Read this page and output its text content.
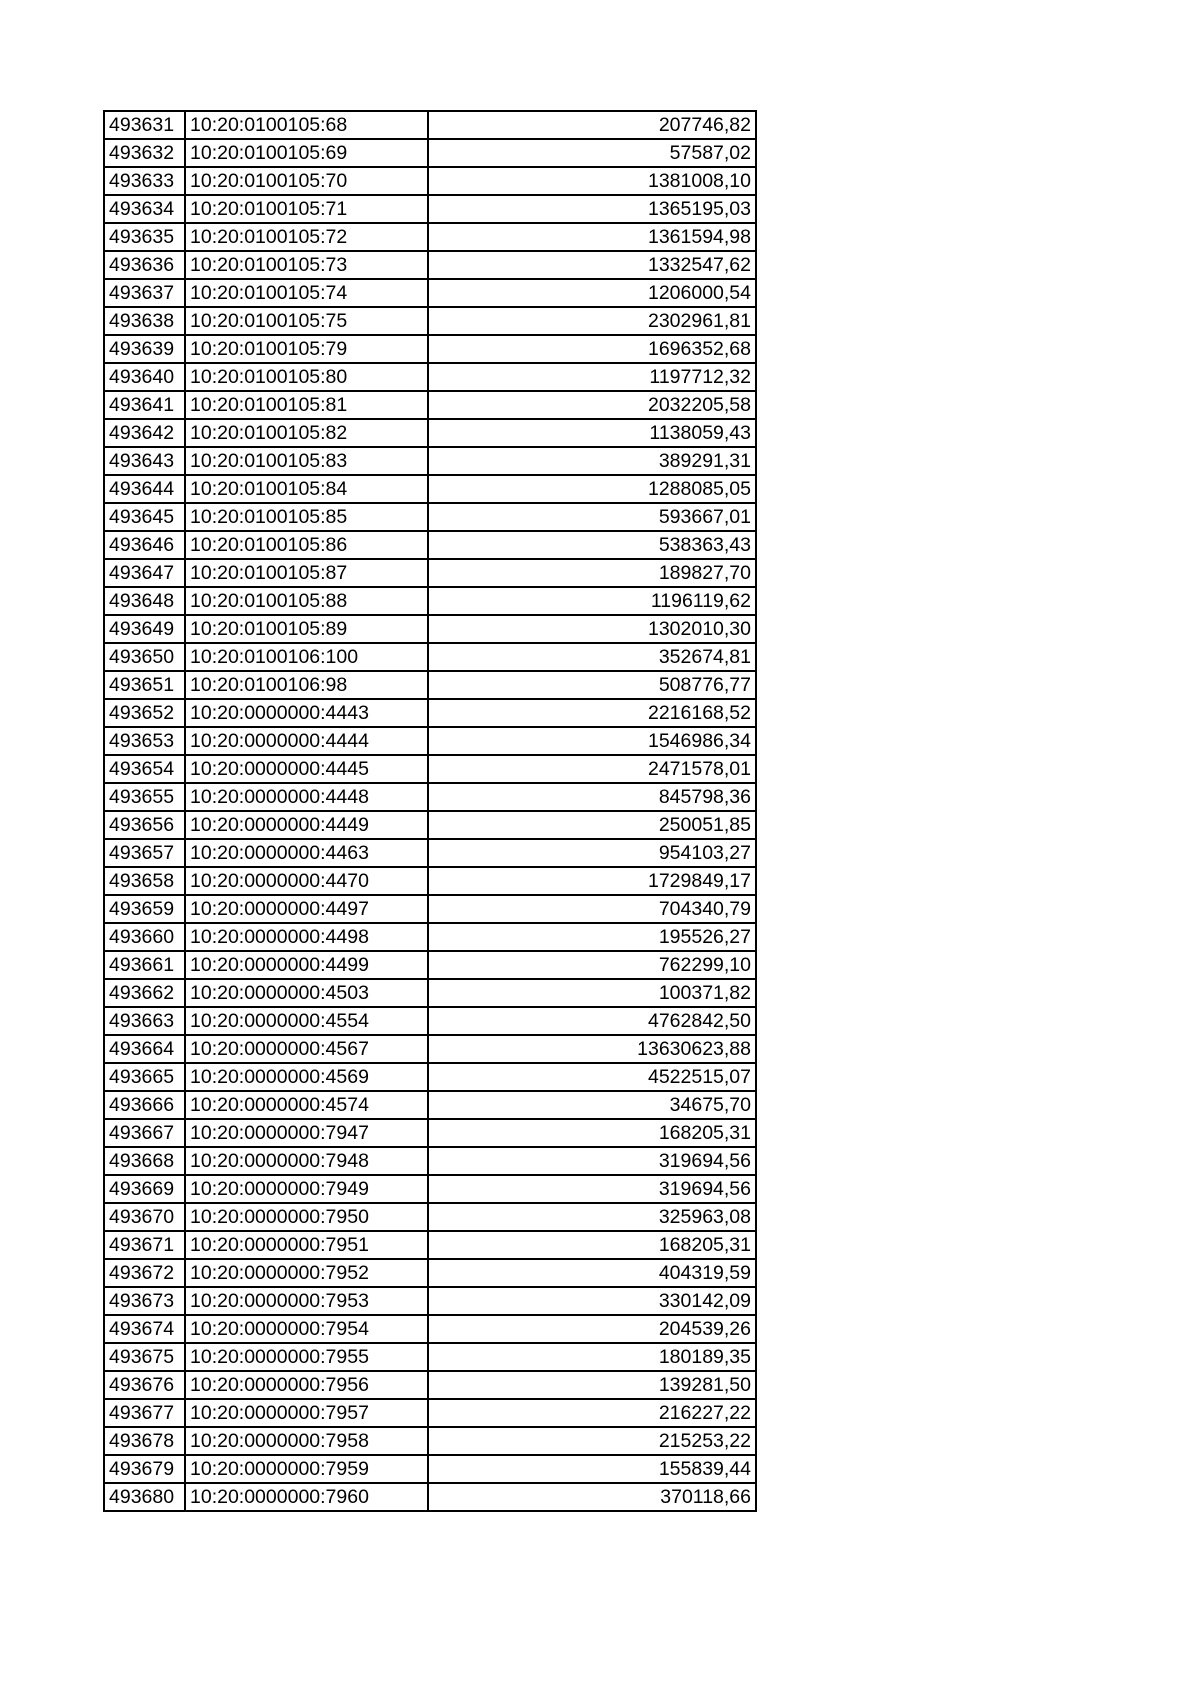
493631	10:20:0100105:68	207746,82
493632	10:20:0100105:69	57587,02
493633	10:20:0100105:70	1381008,10
493634	10:20:0100105:71	1365195,03
493635	10:20:0100105:72	1361594,98
493636	10:20:0100105:73	1332547,62
493637	10:20:0100105:74	1206000,54
493638	10:20:0100105:75	2302961,81
493639	10:20:0100105:79	1696352,68
493640	10:20:0100105:80	1197712,32
493641	10:20:0100105:81	2032205,58
493642	10:20:0100105:82	1138059,43
493643	10:20:0100105:83	389291,31
493644	10:20:0100105:84	1288085,05
493645	10:20:0100105:85	593667,01
493646	10:20:0100105:86	538363,43
493647	10:20:0100105:87	189827,70
493648	10:20:0100105:88	1196119,62
493649	10:20:0100105:89	1302010,30
493650	10:20:0100106:100	352674,81
493651	10:20:0100106:98	508776,77
493652	10:20:0000000:4443	2216168,52
493653	10:20:0000000:4444	1546986,34
493654	10:20:0000000:4445	2471578,01
493655	10:20:0000000:4448	845798,36
493656	10:20:0000000:4449	250051,85
493657	10:20:0000000:4463	954103,27
493658	10:20:0000000:4470	1729849,17
493659	10:20:0000000:4497	704340,79
493660	10:20:0000000:4498	195526,27
493661	10:20:0000000:4499	762299,10
493662	10:20:0000000:4503	100371,82
493663	10:20:0000000:4554	4762842,50
493664	10:20:0000000:4567	13630623,88
493665	10:20:0000000:4569	4522515,07
493666	10:20:0000000:4574	34675,70
493667	10:20:0000000:7947	168205,31
493668	10:20:0000000:7948	319694,56
493669	10:20:0000000:7949	319694,56
493670	10:20:0000000:7950	325963,08
493671	10:20:0000000:7951	168205,31
493672	10:20:0000000:7952	404319,59
493673	10:20:0000000:7953	330142,09
493674	10:20:0000000:7954	204539,26
493675	10:20:0000000:7955	180189,35
493676	10:20:0000000:7956	139281,50
493677	10:20:0000000:7957	216227,22
493678	10:20:0000000:7958	215253,22
493679	10:20:0000000:7959	155839,44
493680	10:20:0000000:7960	370118,66
